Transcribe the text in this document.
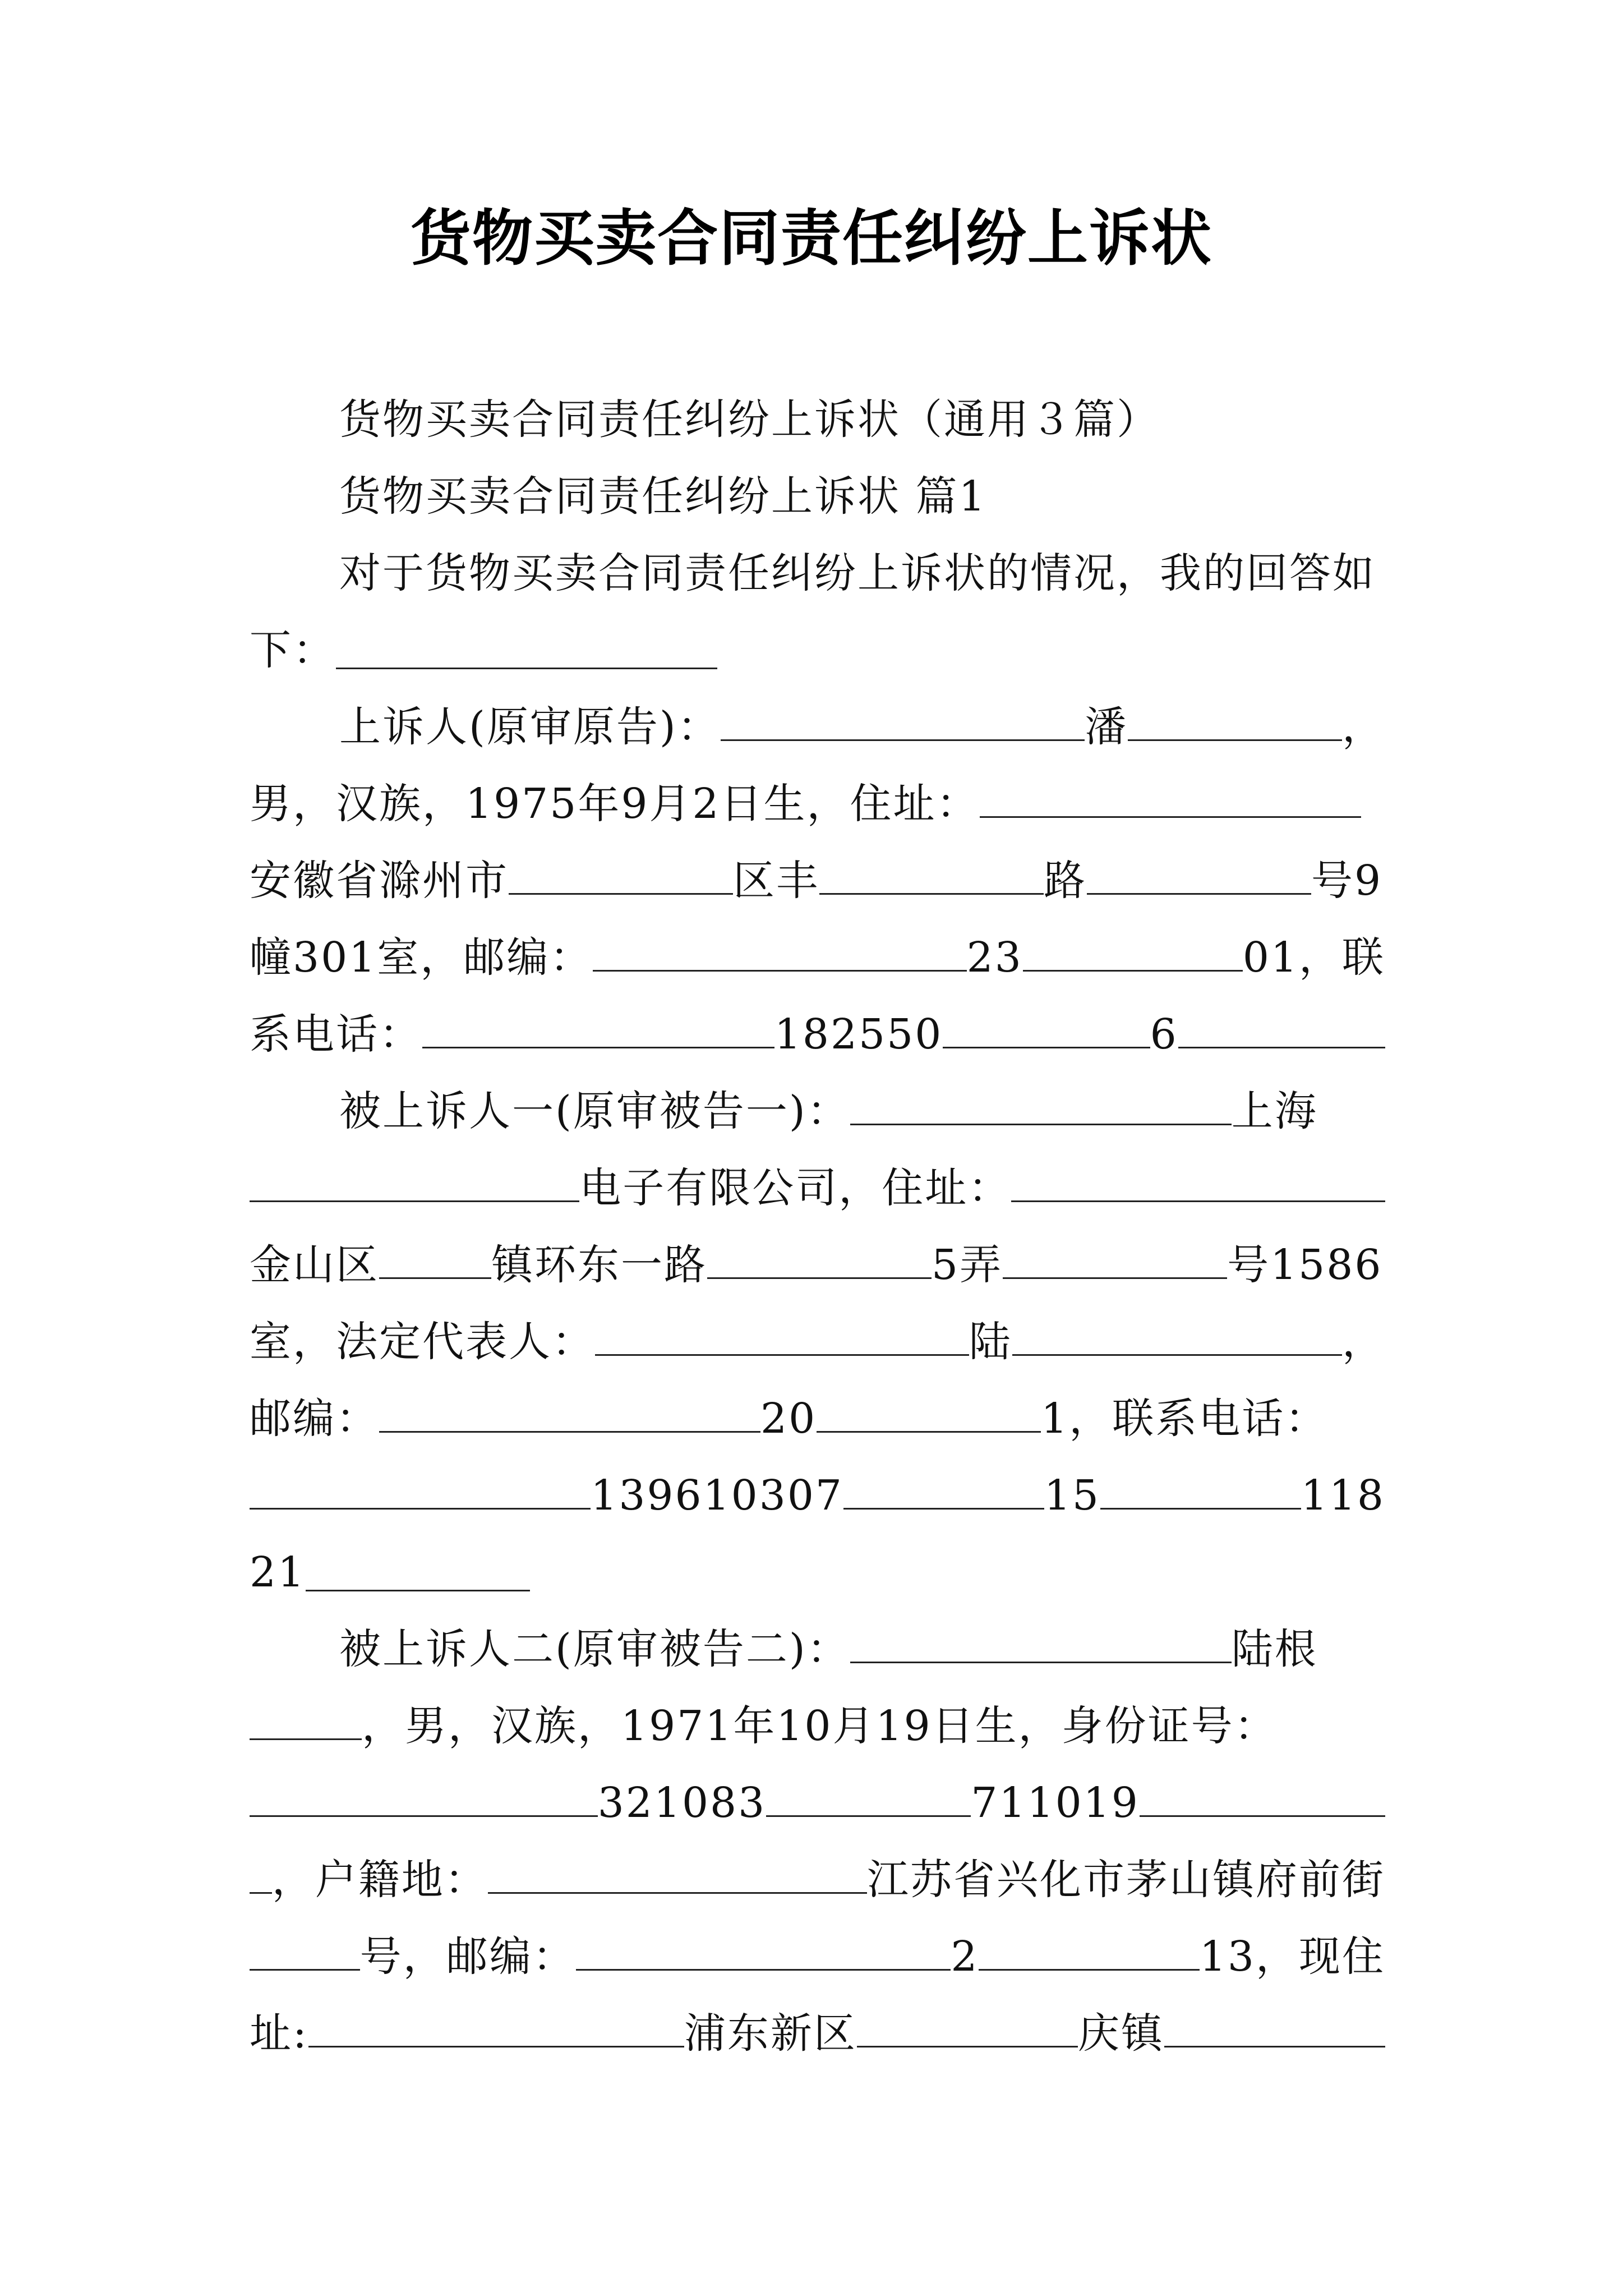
货物买卖合同责任纠纷上诉状
货物买卖合同责任纠纷上诉状（通用３篇）
货物买卖合同责任纠纷上诉状 篇1
对于货物买卖合同责任纠纷上诉状的情况，我的回答如
下：
上诉人(原审原告)：	潘	，
男，汉族，1975年9月2日生，住址：
安徽省滁州市	区丰	路	号9
幢301室，邮编：	23	01，联
系电话：	182550	6
被上诉人一(原审被告一)：	上海
电子有限公司，住址：
金山区	镇环东一路	5弄	号1586
室，法定代表人：	陆	，
邮编：	20	1，联系电话：
139610307	15	118
21
被上诉人二(原审被告二)：	陆根
，男，汉族，1971年10月19日生，身份证号：
321083	711019
，户籍地：	江苏省兴化市茅山镇府前街
号，邮编：	2	13，现住
址:	浦东新区	庆镇
